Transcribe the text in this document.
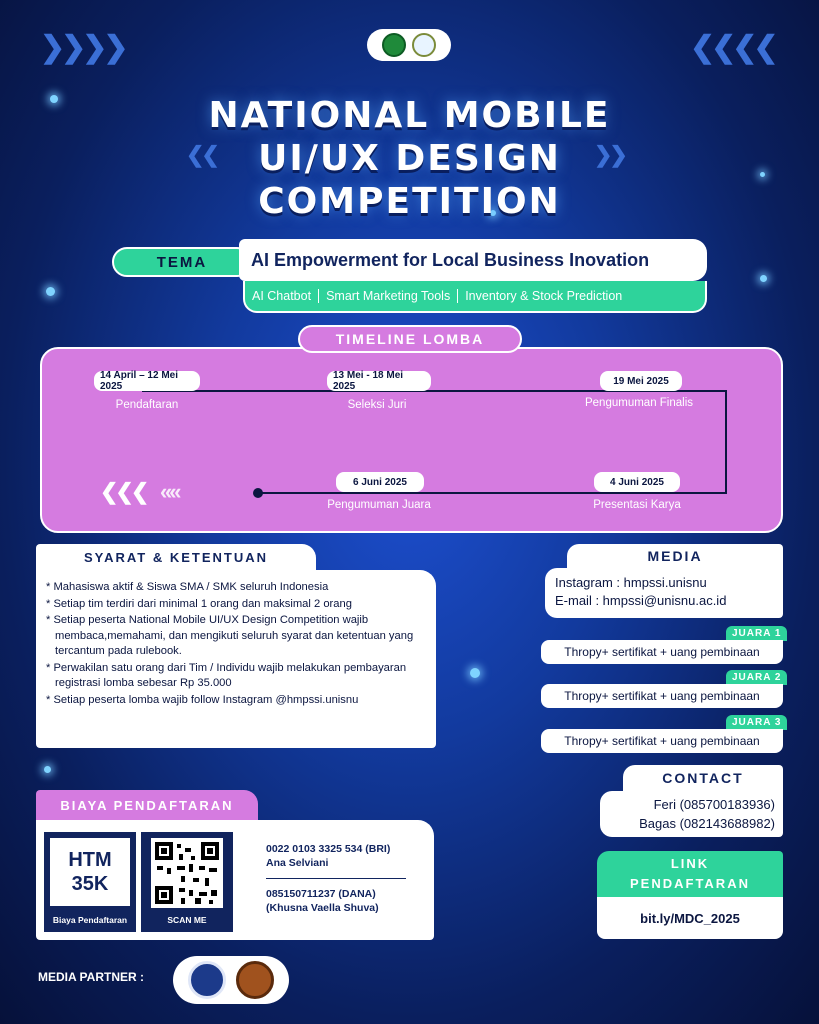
❯❯❯❯	❮❮❮❮
NATIONAL MOBILE
UI/UX DESIGN
COMPETITION
❮❮	❯❯
TEMA	AI Empowerment for Local Business Inovation
AI Chatbot	Smart Marketing Tools	Inventory & Stock Prediction
14 April – 12 Mei 2025
Pendaftaran
13 Mei - 18 Mei 2025
Seleksi Juri
19 Mei 2025
Pengumuman Finalis
4 Juni 2025
Presentasi Karya
6 Juni 2025
Pengumuman Juara
❮❮❮ ««
TIMELINE LOMBA
SYARAT & KETENTUAN
* Mahasiswa aktif & Siswa SMA / SMK seluruh Indonesia
* Setiap tim terdiri dari minimal 1 orang dan maksimal 2 orang
* Setiap peserta National Mobile UI/UX Design Competition wajib membaca,memahami, dan mengikuti seluruh syarat dan ketentuan yang tercantum pada rulebook.
* Perwakilan satu orang dari Tim / Individu wajib melakukan pembayaran registrasi lomba sebesar Rp 35.000
* Setiap peserta lomba wajib follow Instagram @hmpssi.unisnu
MEDIA
Instagram : hmpssi.unisnu
E-mail : hmpssi@unisnu.ac.id
JUARA 1
Thropy+ sertifikat + uang pembinaan
JUARA 2
Thropy+ sertifikat + uang pembinaan
JUARA 3
Thropy+ sertifikat + uang pembinaan
CONTACT
Feri (085700183936)
Bagas (082143688982)
LINK
PENDAFTARAN
bit.ly/MDC_2025
BIAYA PENDAFTARAN
HTM
35K
Biaya Pendaftaran	SCAN ME
0022 0103 3325 534 (BRI)
Ana Selviani
085150711237 (DANA)
(Khusna Vaella Shuva)
MEDIA PARTNER :
